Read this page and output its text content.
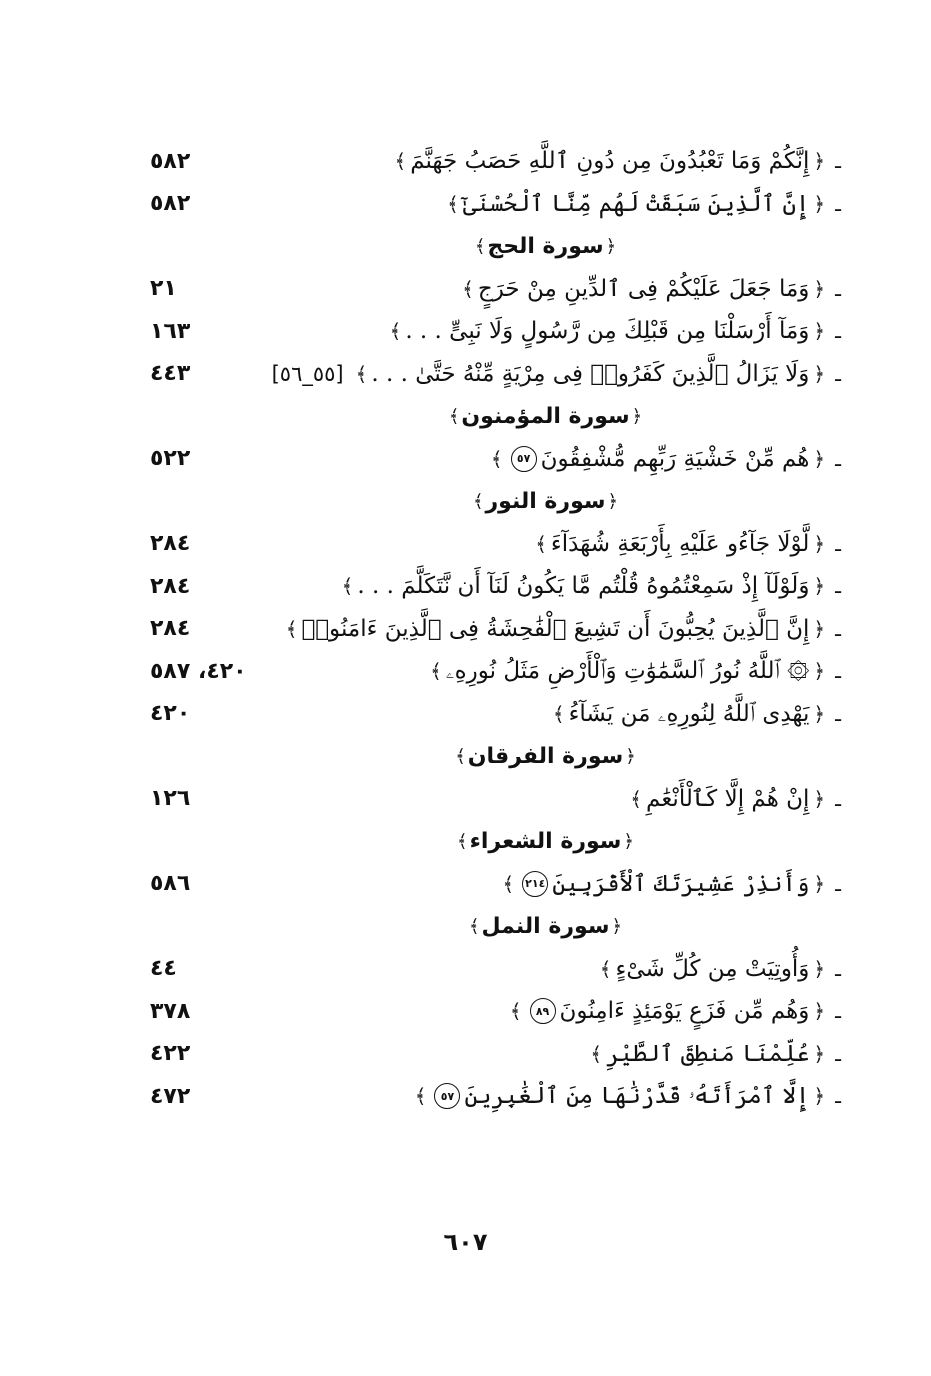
ـ
﴿
إِنَّكُمْ وَمَا تَعْبُدُونَ مِن دُونِ ٱللَّهِ حَصَبُ جَهَنَّمَ
﴾
٥٨٢
ـ
﴿
إِنَّ ٱلَّذِينَ سَبَقَتْ لَهُم مِّنَّا ٱلْحُسْنَىٰٓ
﴾
٥٨٢
﴿
سورة الحج
﴾
ـ
﴿
وَمَا جَعَلَ عَلَيْكُمْ فِى ٱلدِّينِ مِنْ حَرَجٍ
﴾
٢١
ـ
﴿
وَمَآ أَرْسَلْنَا مِن قَبْلِكَ مِن رَّسُولٍ وَلَا نَبِىٍّ . . .
﴾
١٦٣
ـ
﴿
وَلَا يَزَالُ ٱلَّذِينَ كَفَرُوا۟ فِى مِرْيَةٍ مِّنْهُ حَتَّىٰ . . .
﴾
[٥٥_٥٦]
٤٤٣
﴿
سورة المؤمنون
﴾
ـ
﴿
هُم مِّنْ خَشْيَةِ رَبِّهِم مُّشْفِقُونَ
٥٧
﴾
٥٢٢
﴿
سورة النور
﴾
ـ
﴿
لَّوْلَا جَآءُو عَلَيْهِ بِأَرْبَعَةِ شُهَدَآءَ
﴾
٢٨٤
ـ
﴿
وَلَوْلَآ إِذْ سَمِعْتُمُوهُ قُلْتُم مَّا يَكُونُ لَنَآ أَن نَّتَكَلَّمَ . . .
﴾
٢٨٤
ـ
﴿
إِنَّ ٱلَّذِينَ يُحِبُّونَ أَن تَشِيعَ ٱلْفَٰحِشَةُ فِى ٱلَّذِينَ ءَامَنُوا۟
﴾
٢٨٤
ـ
﴿
۞ ٱللَّهُ نُورُ ٱلسَّمَٰوَٰتِ وَٱلْأَرْضِ مَثَلُ نُورِهِۦ
﴾
٤٢٠، ٥٨٧
ـ
﴿
يَهْدِى ٱللَّهُ لِنُورِهِۦ مَن يَشَآءُ
﴾
٤٢٠
﴿
سورة الفرقان
﴾
ـ
﴿
إِنْ هُمْ إِلَّا كَٱلْأَنْعَٰمِ
﴾
١٢٦
﴿
سورة الشعراء
﴾
ـ
﴿
وَأَنذِرْ عَشِيرَتَكَ ٱلْأَقْرَبِينَ
٢١٤
﴾
٥٨٦
﴿
سورة النمل
﴾
ـ
﴿
وَأُوتِيَتْ مِن كُلِّ شَىْءٍ
﴾
٤٤
ـ
﴿
وَهُم مِّن فَزَعٍ يَوْمَئِذٍ ءَامِنُونَ
٨٩
﴾
٣٧٨
ـ
﴿
عُلِّمْنَا مَنطِقَ ٱلطَّيْرِ
﴾
٤٢٢
ـ
﴿
إِلَّا ٱمْرَأَتَهُۥ قَدَّرْنَٰهَا مِنَ ٱلْغَٰبِرِينَ
٥٧
﴾
٤٧٢
٦٠٧
